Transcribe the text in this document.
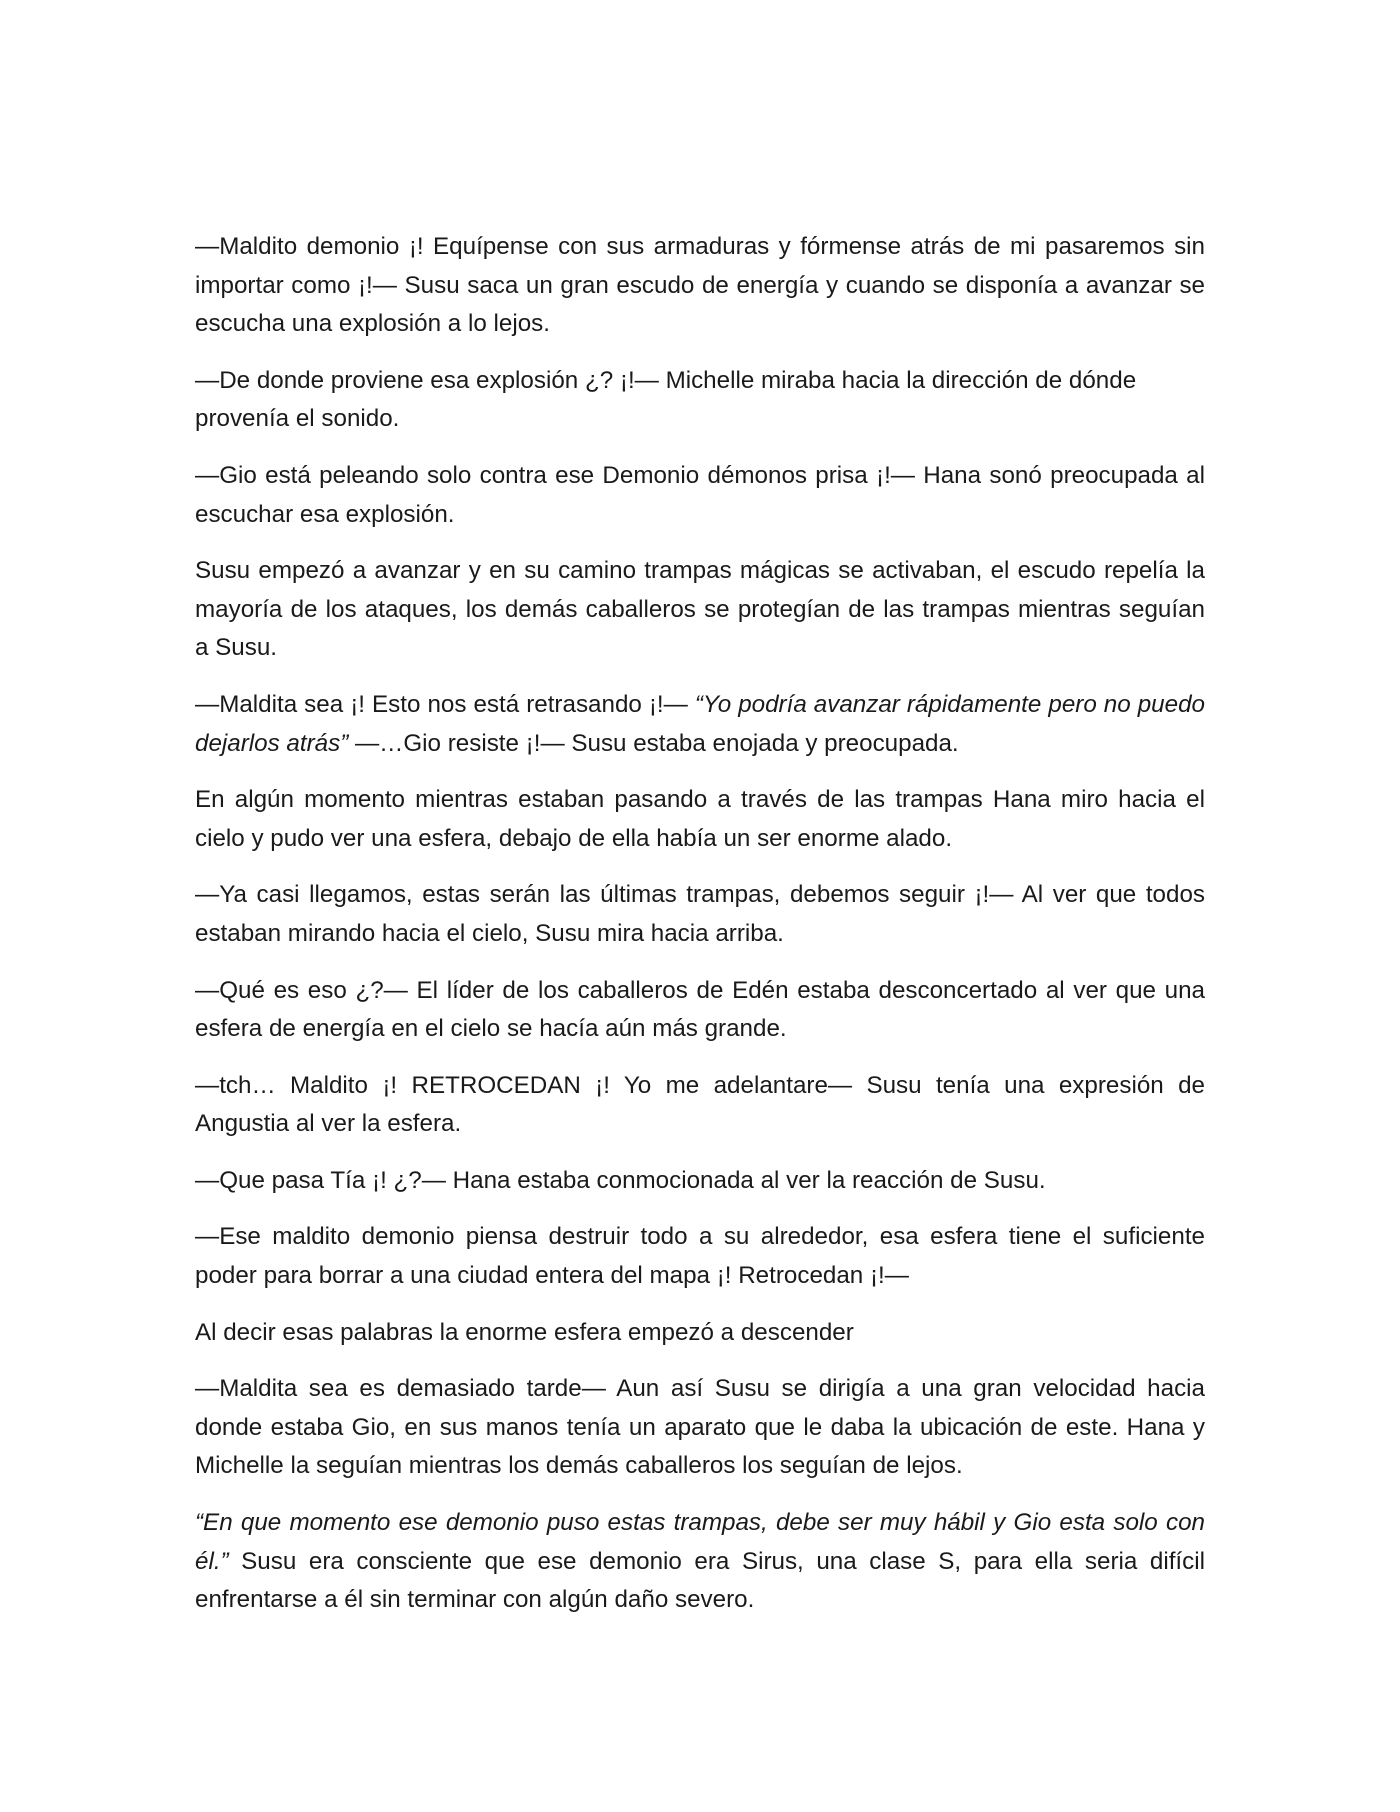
—Maldito demonio ¡! Equípense con sus armaduras y fórmense atrás de mi pasaremos sin importar como ¡!— Susu saca un gran escudo de energía y cuando se disponía a avanzar se escucha una explosión a lo lejos.

—De donde proviene esa explosión ¿? ¡!— Michelle miraba hacia la dirección de dónde provenía el sonido.

—Gio está peleando solo contra ese Demonio démonos prisa ¡!— Hana sonó preocupada al escuchar esa explosión.

Susu empezó a avanzar y en su camino trampas mágicas se activaban, el escudo repelía la mayoría de los ataques, los demás caballeros se protegían de las trampas mientras seguían a Susu.

—Maldita sea ¡! Esto nos está retrasando ¡!— “Yo podría avanzar rápidamente pero no puedo dejarlos atrás” —…Gio resiste ¡!— Susu estaba enojada y preocupada.

En algún momento mientras estaban pasando a través de las trampas Hana miro hacia el cielo y pudo ver una esfera, debajo de ella había un ser enorme alado.

—Ya casi llegamos, estas serán las últimas trampas, debemos seguir ¡!— Al ver que todos estaban mirando hacia el cielo, Susu mira hacia arriba.

—Qué es eso ¿?— El líder de los caballeros de Edén estaba desconcertado al ver que una esfera de energía en el cielo se hacía aún más grande.

—tch… Maldito ¡! RETROCEDAN ¡! Yo me adelantare— Susu tenía una expresión de Angustia al ver la esfera.

—Que pasa Tía ¡! ¿?— Hana estaba conmocionada al ver la reacción de Susu.

—Ese maldito demonio piensa destruir todo a su alrededor, esa esfera tiene el suficiente poder para borrar a una ciudad entera del mapa ¡! Retrocedan ¡!—

Al decir esas palabras la enorme esfera empezó a descender

—Maldita sea es demasiado tarde— Aun así Susu se dirigía a una gran velocidad hacia donde estaba Gio, en sus manos tenía un aparato que le daba la ubicación de este. Hana y Michelle la seguían mientras los demás caballeros los seguían de lejos.

“En que momento ese demonio puso estas trampas, debe ser muy hábil y Gio esta solo con él.” Susu era consciente que ese demonio era Sirus, una clase S, para ella seria difícil enfrentarse a él sin terminar con algún daño severo.
